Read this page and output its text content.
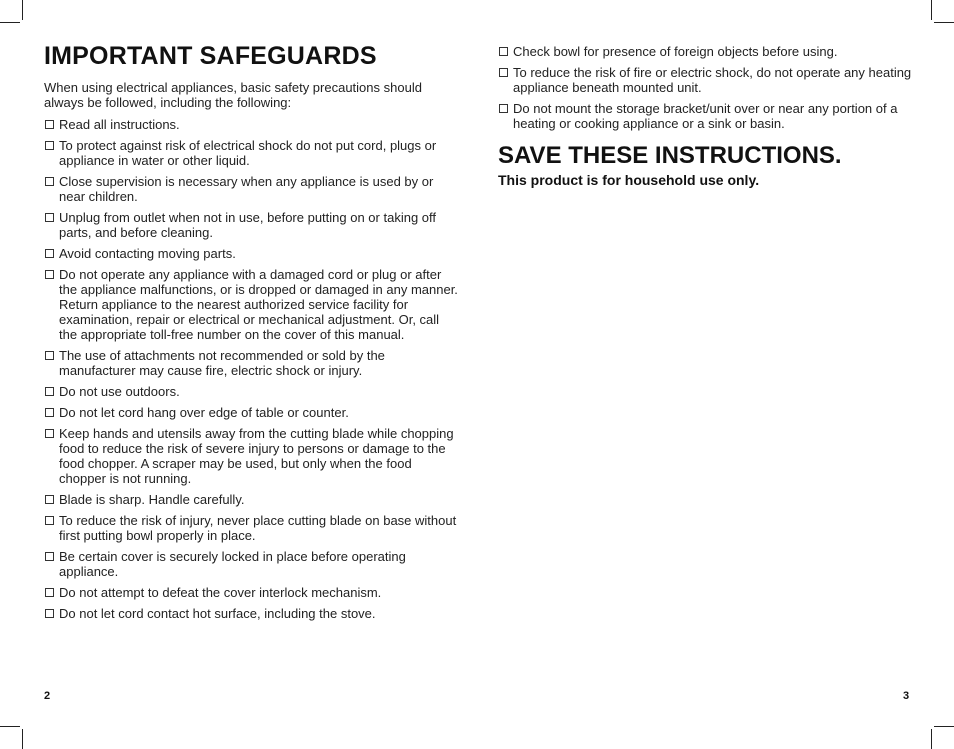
IMPORTANT SAFEGUARDS

When using electrical appliances, basic safety precautions should always be followed, including the following:

Read all instructions.
To protect against risk of electrical shock do not put cord, plugs or appliance in water or other liquid.
Close supervision is necessary when any appliance is used by or near children.
Unplug from outlet when not in use, before putting on or taking off parts, and before cleaning.
Avoid contacting moving parts.
Do not operate any appliance with a damaged cord or plug or after the appliance malfunctions, or is dropped or damaged in any manner. Return appliance to the nearest authorized service facility for examination, repair or electrical or mechanical adjustment. Or, call the appropriate toll-free number on the cover of this manual.
The use of attachments not recommended or sold by the manufacturer may cause fire, electric shock or injury.
Do not use outdoors.
Do not let cord hang over edge of table or counter.
Keep hands and utensils away from the cutting blade while chopping food to reduce the risk of severe injury to persons or damage to the food chopper. A scraper may be used, but only when the food chopper is not running.
Blade is sharp. Handle carefully.
To reduce the risk of injury, never place cutting blade on base without first putting bowl properly in place.
Be certain cover is securely locked in place before operating appliance.
Do not attempt to defeat the cover interlock mechanism.
Do not let cord contact hot surface, including the stove.
2
Check bowl for presence of foreign objects before using.
To reduce the risk of fire or electric shock, do not operate any heating appliance beneath mounted unit.
Do not mount the storage bracket/unit over or near any portion of a heating or cooking appliance or a sink or basin.
SAVE THESE INSTRUCTIONS.

This product is for household use only.

3
